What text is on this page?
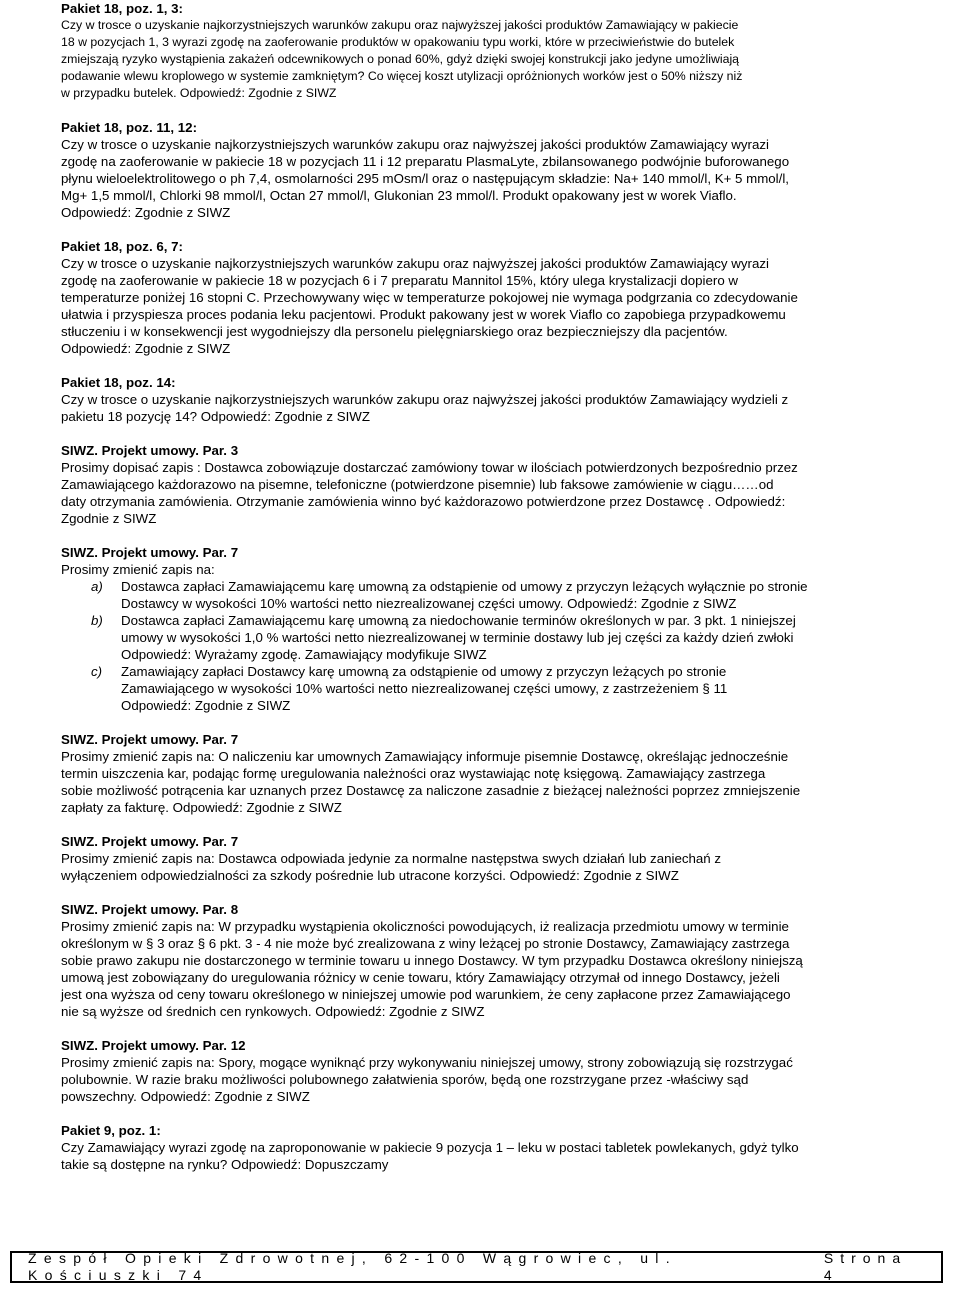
Pakiet 18, poz. 1, 3:

Czy w trosce o uzyskanie najkorzystniejszych warunków zakupu oraz najwyższej jakości produktów Zamawiający w pakiecie

18 w pozycjach 1, 3 wyrazi zgodę na zaoferowanie produktów w opakowaniu typu worki, które w przeciwieństwie do butelek

zmiejszają ryzyko wystąpienia zakażeń odcewnikowych o ponad 60%, gdyż dzięki swojej konstrukcji jako jedyne umożliwiają

podawanie wlewu kroplowego w systemie zamkniętym? Co więcej koszt utylizacji opróżnionych worków jest o 50% niższy niż

w przypadku butelek. Odpowiedź: Zgodnie z SIWZ

Pakiet 18, poz. 11, 12:

Czy w trosce o uzyskanie najkorzystniejszych warunków zakupu oraz najwyższej jakości produktów Zamawiający wyrazi

zgodę na zaoferowanie w pakiecie 18 w pozycjach 11 i 12 preparatu PlasmaLyte, zbilansowanego podwójnie buforowanego

płynu wieloelektrolitowego o ph 7,4, osmolarności 295 mOsm/l oraz o następującym składzie: Na+ 140 mmol/l, K+ 5 mmol/l,

Mg+ 1,5 mmol/l, Chlorki 98 mmol/l, Octan 27 mmol/l, Glukonian 23 mmol/l. Produkt opakowany jest w worek Viaflo.

Odpowiedź: Zgodnie z SIWZ

Pakiet 18, poz. 6, 7:

Czy w trosce o uzyskanie najkorzystniejszych warunków zakupu oraz najwyższej jakości produktów Zamawiający wyrazi

zgodę na zaoferowanie w pakiecie 18 w pozycjach 6 i 7 preparatu Mannitol 15%, który ulega krystalizacji dopiero w

temperaturze poniżej 16 stopni C. Przechowywany więc w temperaturze pokojowej nie wymaga podgrzania co zdecydowanie

ułatwia i przyspiesza proces podania leku pacjentowi. Produkt pakowany jest w worek Viaflo co zapobiega przypadkowemu

stłuczeniu i w konsekwencji jest wygodniejszy dla personelu pielęgniarskiego oraz bezpieczniejszy dla pacjentów.

Odpowiedź: Zgodnie z SIWZ

Pakiet 18, poz. 14:

Czy w trosce o uzyskanie najkorzystniejszych warunków zakupu oraz najwyższej jakości produktów Zamawiający wydzieli z

pakietu 18 pozycję 14? Odpowiedź: Zgodnie z SIWZ

SIWZ. Projekt umowy. Par. 3

Prosimy dopisać zapis : Dostawca zobowiązuje dostarczać zamówiony towar w ilościach potwierdzonych bezpośrednio przez

Zamawiającego każdorazowo na pisemne, telefoniczne (potwierdzone pisemnie) lub faksowe zamówienie w ciągu……od

daty otrzymania zamówienia. Otrzymanie zamówienia winno być każdorazowo potwierdzone przez Dostawcę . Odpowiedź:

Zgodnie z SIWZ

SIWZ. Projekt umowy. Par. 7

Prosimy zmienić zapis na:

a) Dostawca zapłaci Zamawiającemu karę umowną za odstąpienie od umowy z przyczyn leżących wyłącznie po stronie

Dostawcy w wysokości 10% wartości netto niezrealizowanej części umowy. Odpowiedź: Zgodnie z SIWZ

b) Dostawca zapłaci Zamawiającemu karę umowną za niedochowanie terminów określonych w par. 3 pkt. 1 niniejszej

umowy w wysokości 1,0 % wartości netto niezrealizowanej w terminie dostawy lub jej części za każdy dzień zwłoki

Odpowiedź: Wyrażamy zgodę. Zamawiający modyfikuje SIWZ

c) Zamawiający zapłaci Dostawcy karę umowną za odstąpienie od umowy z przyczyn leżących po stronie

Zamawiającego w wysokości 10% wartości netto niezrealizowanej części umowy, z zastrzeżeniem § 11

Odpowiedź: Zgodnie z SIWZ

SIWZ. Projekt umowy. Par. 7

Prosimy zmienić zapis na: O naliczeniu kar umownych Zamawiający informuje pisemnie Dostawcę, określając jednocześnie

termin uiszczenia kar, podając formę uregulowania należności oraz wystawiając notę księgową. Zamawiający zastrzega

sobie możliwość potrącenia kar uznanych przez Dostawcę za naliczone zasadnie z bieżącej należności poprzez zmniejszenie

zapłaty za fakturę. Odpowiedź: Zgodnie z SIWZ

SIWZ. Projekt umowy. Par. 7

Prosimy zmienić zapis na: Dostawca odpowiada jedynie za normalne następstwa swych działań lub zaniechań z

wyłączeniem odpowiedzialności za szkody pośrednie lub utracone korzyści. Odpowiedź: Zgodnie z SIWZ

SIWZ. Projekt umowy. Par. 8

Prosimy zmienić zapis na: W przypadku wystąpienia okoliczności powodujących, iż realizacja przedmiotu umowy w terminie

określonym w § 3 oraz § 6 pkt. 3 - 4 nie może być zrealizowana z winy leżącej po stronie Dostawcy, Zamawiający zastrzega

sobie prawo zakupu nie dostarczonego w terminie towaru u innego Dostawcy. W tym przypadku Dostawca określony niniejszą

umową jest zobowiązany do uregulowania różnicy w cenie towaru, który Zamawiający otrzymał od innego Dostawcy, jeżeli

jest ona wyższa od ceny towaru określonego w niniejszej umowie pod warunkiem, że ceny zapłacone przez Zamawiającego

nie są wyższe od średnich cen rynkowych. Odpowiedź: Zgodnie z SIWZ

SIWZ. Projekt umowy. Par. 12

Prosimy zmienić zapis na: Spory, mogące wyniknąć przy wykonywaniu niniejszej umowy, strony zobowiązują się rozstrzygać

polubownie. W razie braku możliwości polubownego załatwienia sporów, będą one rozstrzygane przez -właściwy sąd

powszechny. Odpowiedź: Zgodnie z SIWZ

Pakiet 9, poz. 1:

Czy Zamawiający wyrazi zgodę na zaproponowanie w pakiecie 9 pozycja 1 – leku w postaci tabletek powlekanych, gdyż tylko

takie są dostępne na rynku? Odpowiedź: Dopuszczamy

Zespół Opieki Zdrowotnej, 62-100 Wągrowiec, ul. Kościuszki 74
Strona 4
